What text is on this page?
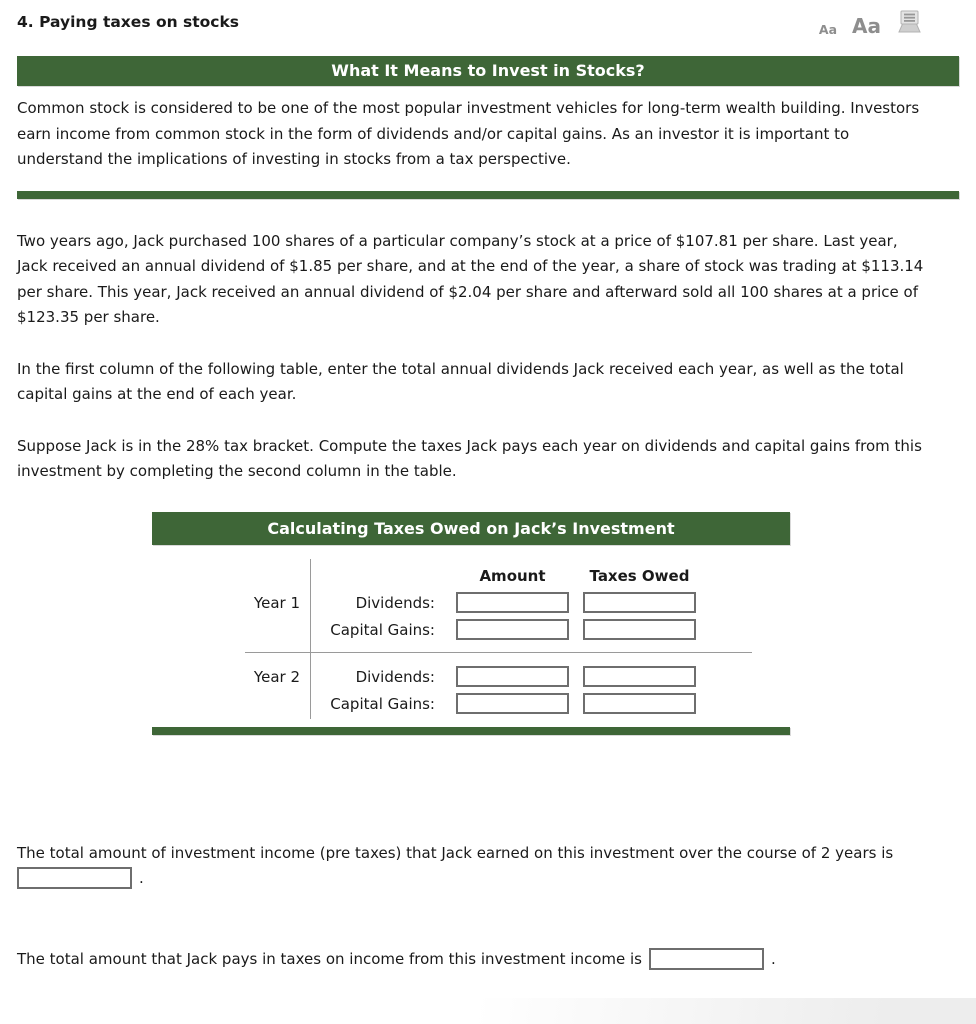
4. Paying taxes on stocks	Aa Aa
What It Means to Invest in Stocks?

Common stock is considered to be one of the most popular investment vehicles for long-term wealth building. Investors earn income from common stock in the form of dividends and/or capital gains. As an investor it is important to understand the implications of investing in stocks from a tax perspective.

Two years ago, Jack purchased 100 shares of a particular company’s stock at a price of $107.81 per share. Last year, Jack received an annual dividend of $1.85 per share, and at the end of the year, a share of stock was trading at $113.14 per share. This year, Jack received an annual dividend of $2.04 per share and afterward sold all 100 shares at a price of $123.35 per share.

In the first column of the following table, enter the total annual dividends Jack received each year, as well as the total capital gains at the end of each year.

Suppose Jack is in the 28% tax bracket. Compute the taxes Jack pays each year on dividends and capital gains from this investment by completing the second column in the table.

Calculating Taxes Owed on Jack’s Investment
Amount	Taxes Owed
Year 1	Dividends:
Capital Gains:
Year 2	Dividends:
Capital Gains:
The total amount of investment income (pre taxes) that Jack earned on this investment over the course of 2 years is
.
The total amount that Jack pays in taxes on income from this investment income is	.
